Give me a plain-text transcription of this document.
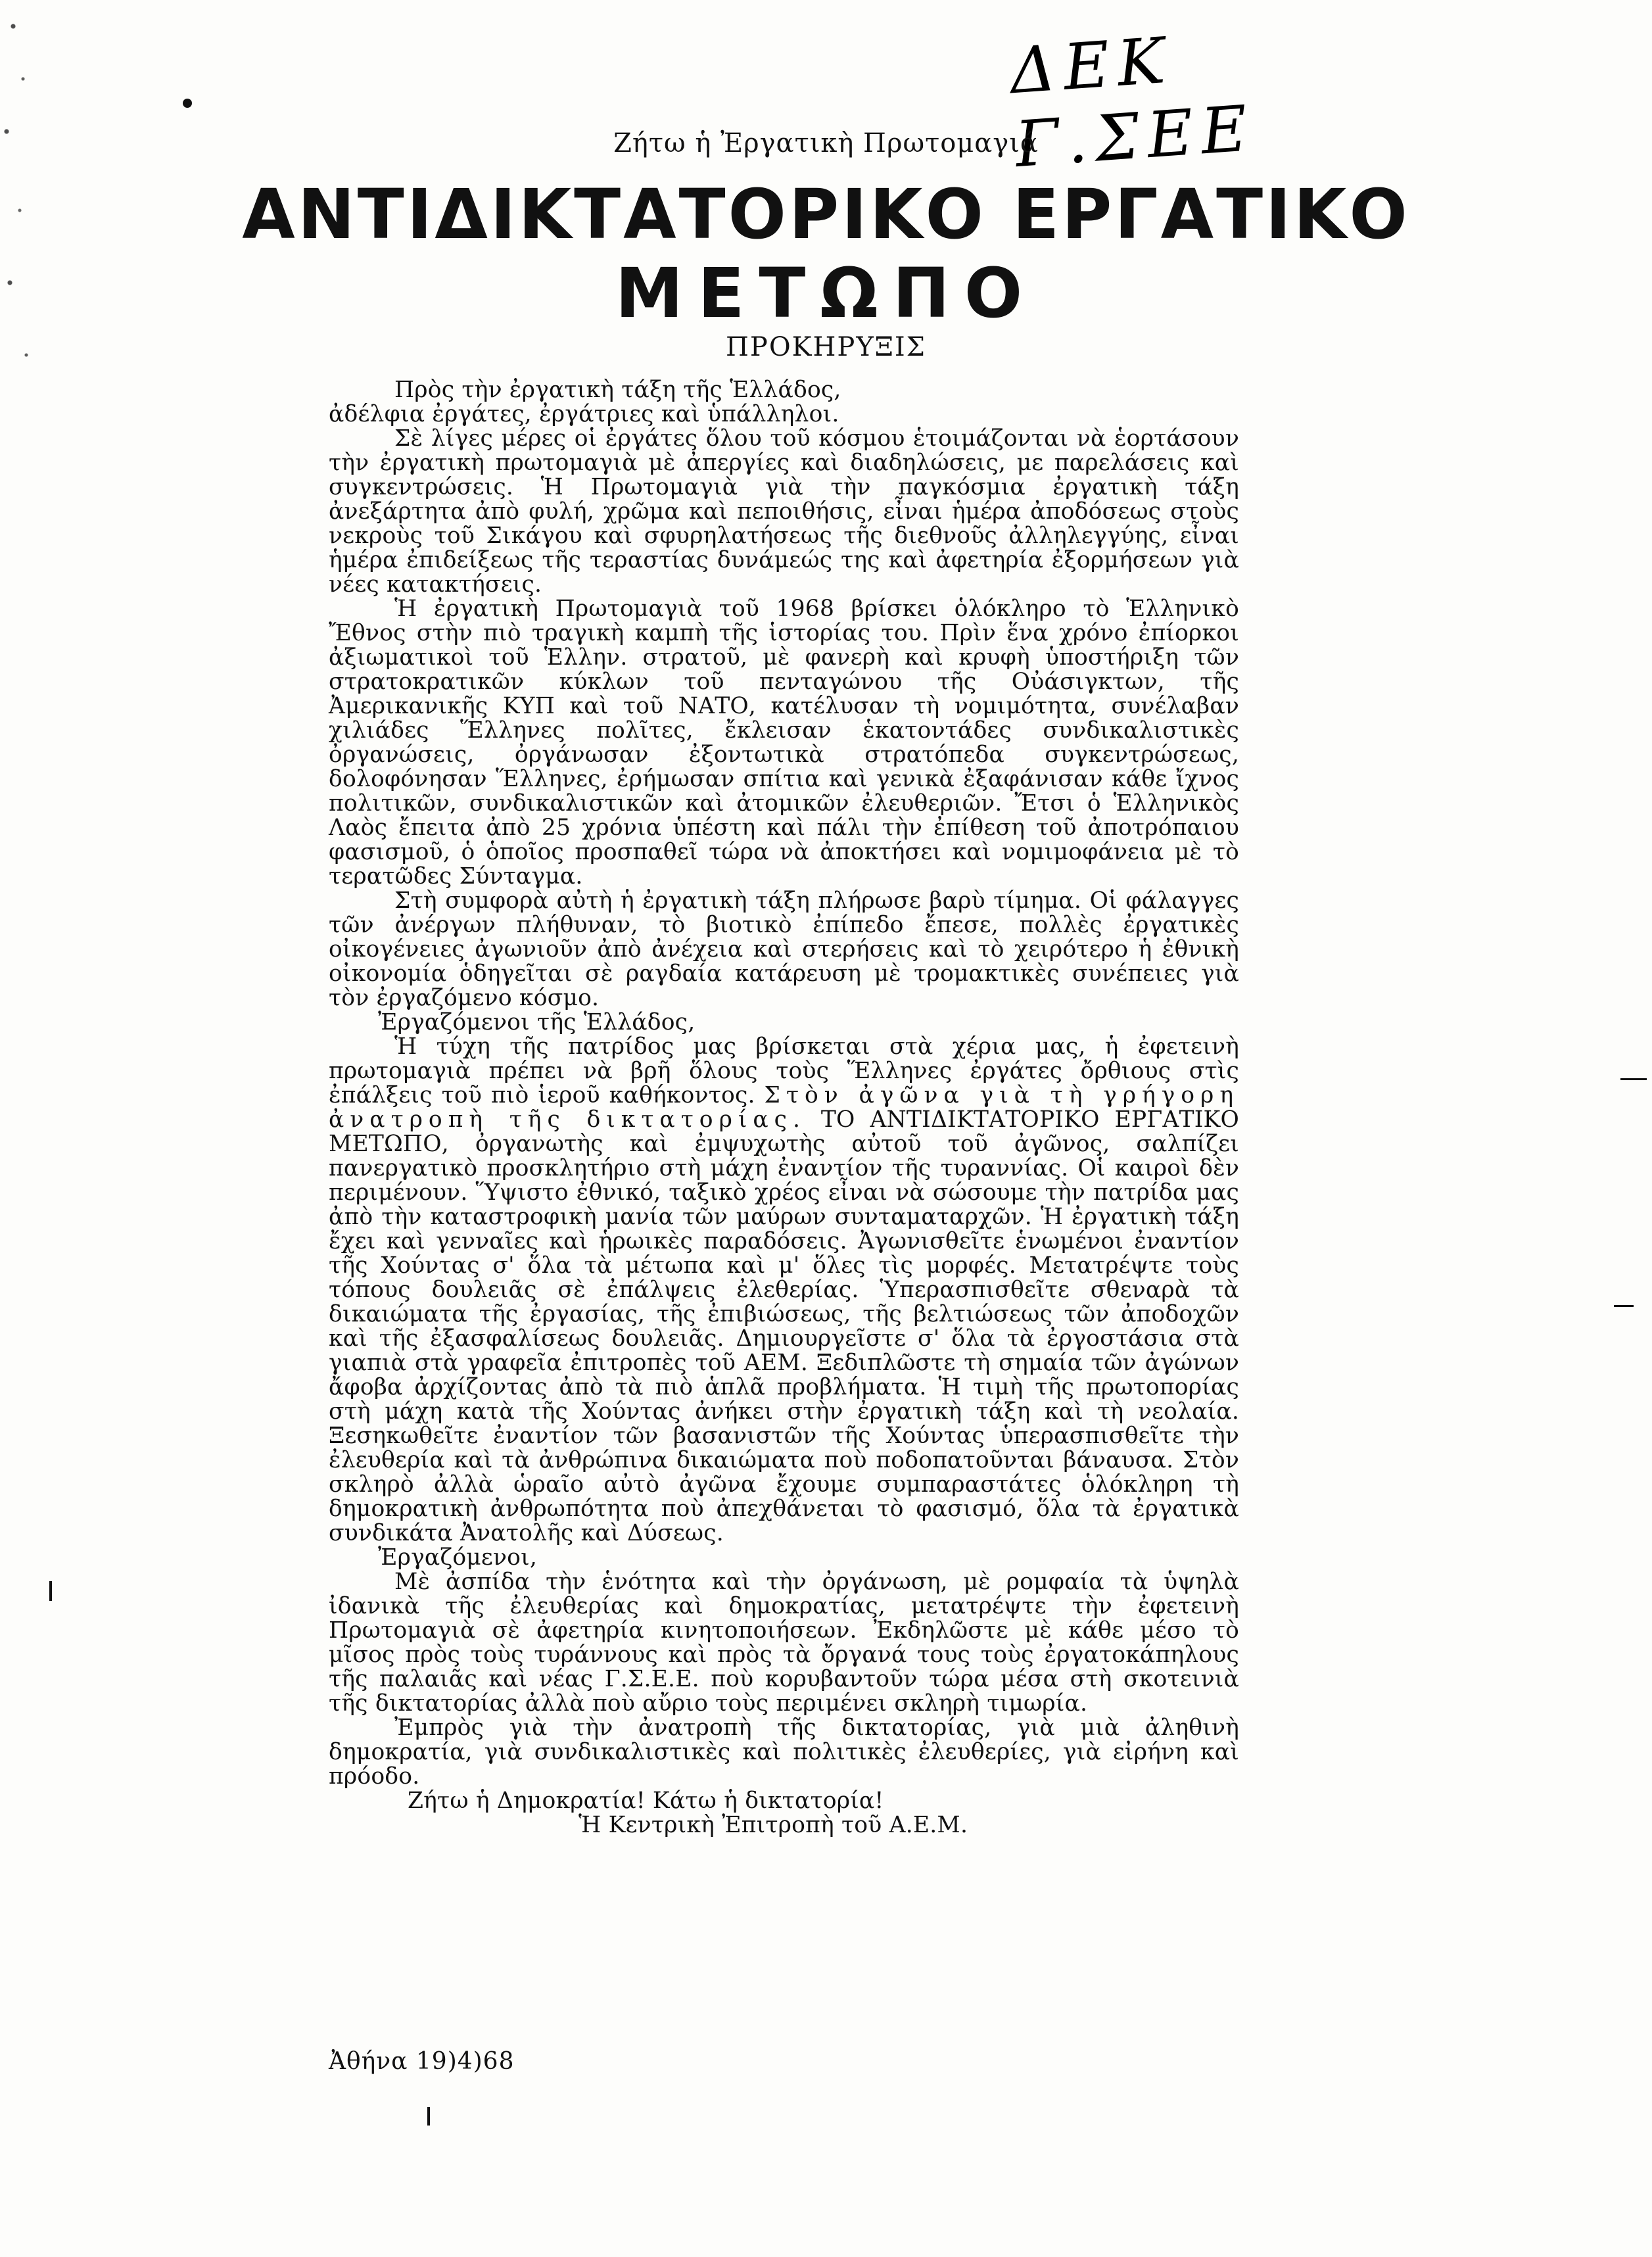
ΔΕΚ Γ.ΣΕΕ
Ζήτω ἡ Ἐργατικὴ Πρωτομαγιά
ΑΝΤΙΔΙΚΤΑΤΟΡΙΚΟ ΕΡΓΑΤΙΚΟ
ΜΕΤΩΠΟ
ΠΡΟΚΗΡΥΞΙΣ

Πρὸς τὴν ἐργατικὴ τάξη τῆς Ἑλλάδος,

ἀδέλφια ἐργάτες, ἐργάτριες καὶ ὑπάλληλοι.

Σὲ λίγες μέρες οἱ ἐργάτες ὅλου τοῦ κόσμου ἑτοιμάζονται νὰ ἑορτάσουν τὴν ἐργατικὴ πρωτομαγιὰ μὲ ἀπεργίες καὶ διαδηλώσεις, με παρελάσεις καὶ συγκεντρώσεις. Ἡ Πρωτομαγιὰ γιὰ τὴν παγκόσμια ἐργατικὴ τάξη ἀνεξάρτητα ἀπὸ φυλή, χρῶμα καὶ πεποιθήσις, εἶναι ἡμέρα ἀποδόσεως στοὺς νεκροὺς τοῦ Σικάγου καὶ σφυρηλατήσεως τῆς διεθνοῦς ἀλληλεγγύης, εἶναι ἡμέρα ἐπιδείξεως τῆς τεραστίας δυνάμεώς της καὶ ἀφετηρία ἐξορμήσεων γιὰ νέες κατακτήσεις.

Ἡ ἐργατικὴ Πρωτομαγιὰ τοῦ 1968 βρίσκει ὁλόκληρο τὸ Ἑλληνικὸ Ἔθνος στὴν πιὸ τραγικὴ καμπὴ τῆς ἱστορίας του. Πρὶν ἕνα χρόνο ἐπίορκοι ἀξιωματικοὶ τοῦ Ἑλλην. στρατοῦ, μὲ φανερὴ καὶ κρυφὴ ὑποστήριξη τῶν στρατοκρατικῶν κύκλων τοῦ πενταγώνου τῆς Οὐάσιγκτων, τῆς Ἀμερικανικῆς ΚΥΠ καὶ τοῦ ΝΑΤΟ, κατέλυσαν τὴ νομιμότητα, συνέλαβαν χιλιάδες Ἕλληνες πολῖτες, ἔκλεισαν ἑκατοντάδες συνδικαλιστικὲς ὀργανώσεις, ὀργάνωσαν ἐξοντωτικὰ στρατόπεδα συγκεντρώσεως, δολοφόνησαν Ἕλληνες, ἐρήμωσαν σπίτια καὶ γενικὰ ἐξαφάνισαν κάθε ἴχνος πολιτικῶν, συνδικαλιστικῶν καὶ ἀτομικῶν ἐλευθεριῶν. Ἔτσι ὁ Ἑλληνικὸς Λαὸς ἔπειτα ἀπὸ 25 χρόνια ὑπέστη καὶ πάλι τὴν ἐπίθεση τοῦ ἀποτρόπαιου φασισμοῦ, ὁ ὁποῖος προσπαθεῖ τώρα νὰ ἀποκτήσει καὶ νομιμοφάνεια μὲ τὸ τερατῶδες Σύνταγμα.

Στὴ συμφορὰ αὐτὴ ἡ ἐργατικὴ τάξη πλήρωσε βαρὺ τίμημα. Οἱ φάλαγγες τῶν ἀνέργων πλήθυναν, τὸ βιοτικὸ ἐπίπεδο ἔπεσε, πολλὲς ἐργατικὲς οἰκογένειες ἀγωνιοῦν ἀπὸ ἀνέχεια καὶ στερήσεις καὶ τὸ χειρότερο ἡ ἐθνικὴ οἰκονομία ὁδηγεῖται σὲ ραγδαία κατάρευση μὲ τρομακτικὲς συνέπειες γιὰ τὸν ἐργαζόμενο κόσμο.

Ἐργαζόμενοι τῆς Ἑλλάδος,

Ἡ τύχη τῆς πατρίδος μας βρίσκεται στὰ χέρια μας, ἡ ἐφετεινὴ πρωτομαγιὰ πρέπει νὰ βρῆ ὅλους τοὺς Ἕλληνες ἐργάτες ὄρθιους στὶς ἐπάλξεις τοῦ πιὸ ἱεροῦ καθήκοντος. Στὸν ἀγῶνα γιὰ τὴ γρήγορη ἀνατροπὴ τῆς δικτατορίας. ΤΟ ΑΝΤΙΔΙΚΤΑΤΟΡΙΚΟ ΕΡΓΑΤΙΚΟ ΜΕΤΩΠΟ, ὀργανωτὴς καὶ ἐμψυχωτὴς αὐτοῦ τοῦ ἀγῶνος, σαλπίζει πανεργατικὸ προσκλητήριο στὴ μάχη ἐναντίον τῆς τυραννίας. Οἱ καιροὶ δὲν περιμένουν. Ὕψιστο ἐθνικό, ταξικὸ χρέος εἶναι νὰ σώσουμε τὴν πατρίδα μας ἀπὸ τὴν καταστροφικὴ μανία τῶν μαύρων συνταματαρχῶν. Ἡ ἐργατικὴ τάξη ἔχει καὶ γενναῖες καὶ ἡρωικὲς παραδόσεις. Ἀγωνισθεῖτε ἑνωμένοι ἐναντίον τῆς Χούντας σ' ὅλα τὰ μέτωπα καὶ μ' ὅλες τὶς μορφές. Μετατρέψτε τοὺς τόπους δουλειᾶς σὲ ἐπάλψεις ἐλεθερίας. Ὑπερασπισθεῖτε σθεναρὰ τὰ δικαιώματα τῆς ἐργασίας, τῆς ἐπιβιώσεως, τῆς βελτιώσεως τῶν ἀποδοχῶν καὶ τῆς ἐξασφαλίσεως δουλειᾶς. Δημιουργεῖστε σ' ὅλα τὰ ἐργοστάσια στὰ γιαπιὰ στὰ γραφεῖα ἐπιτροπὲς τοῦ ΑΕΜ. Ξεδιπλῶστε τὴ σημαία τῶν ἀγώνων ἄφοβα ἀρχίζοντας ἀπὸ τὰ πιὸ ἁπλᾶ προβλήματα. Ἡ τιμὴ τῆς πρωτοπορίας στὴ μάχη κατὰ τῆς Χούντας ἀνήκει στὴν ἐργατικὴ τάξη καὶ τὴ νεολαία. Ξεσηκωθεῖτε ἐναντίον τῶν βασανιστῶν τῆς Χούντας ὑπερασπισθεῖτε τὴν ἐλευθερία καὶ τὰ ἀνθρώπινα δικαιώματα ποὺ ποδοπατοῦνται βάναυσα. Στὸν σκληρὸ ἀλλὰ ὡραῖο αὐτὸ ἀγῶνα ἔχουμε συμπαραστάτες ὁλόκληρη τὴ δημοκρατικὴ ἀνθρωπότητα ποὺ ἀπεχθάνεται τὸ φασισμό, ὅλα τὰ ἐργατικὰ συνδικάτα Ἀνατολῆς καὶ Δύσεως.

Ἐργαζόμενοι,

Μὲ ἀσπίδα τὴν ἑνότητα καὶ τὴν ὀργάνωση, μὲ ρομφαία τὰ ὑψηλὰ ἰδανικὰ τῆς ἐλευθερίας καὶ δημοκρατίας, μετατρέψτε τὴν ἐφετεινὴ Πρωτομαγιὰ σὲ ἀφετηρία κινητοποιήσεων. Ἐκδηλῶστε μὲ κάθε μέσο τὸ μῖσος πρὸς τοὺς τυράννους καὶ πρὸς τὰ ὄργανά τους τοὺς ἐργατοκάπηλους τῆς παλαιᾶς καὶ νέας Γ.Σ.Ε.Ε. ποὺ κορυβαντοῦν τώρα μέσα στὴ σκοτεινιὰ τῆς δικτατορίας ἀλλὰ ποὺ αὔριο τοὺς περιμένει σκληρὴ τιμωρία.

Ἐμπρὸς γιὰ τὴν ἀνατροπὴ τῆς δικτατορίας, γιὰ μιὰ ἀληθινὴ δημοκρατία, γιὰ συνδικαλιστικὲς καὶ πολιτικὲς ἐλευθερίες, γιὰ εἰρήνη καὶ πρόοδο.

Ζήτω ἡ Δημοκρατία! Κάτω ἡ δικτατορία!

Ἡ Κεντρικὴ Ἐπιτροπὴ τοῦ Α.Ε.Μ.

Ἀθήνα 19)4)68
